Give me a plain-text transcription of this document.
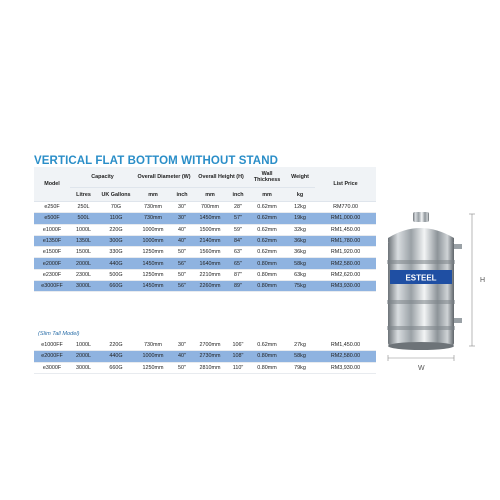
VERTICAL FLAT BOTTOM WITHOUT STAND
Model	Capacity		Overall Diameter (W)		Overall Height (H)		Wall Thickness	Weight	List Price
	Litres	UK Gallons	mm	inch	mm	inch	mm	kg	
e250F	250L	70G	730mm	30"	700mm	28"	0.62mm	12kg	RM770.00
e500F	500L	110G	730mm	30"	1450mm	57"	0.62mm	19kg	RM1,000.00
e1000F	1000L	220G	1000mm	40"	1500mm	59"	0.62mm	32kg	RM1,450.00
e1350F	1350L	300G	1000mm	40"	2140mm	84"	0.62mm	36kg	RM1,780.00
e1500F	1500L	330G	1250mm	50"	1560mm	63"	0.62mm	36kg	RM1,920.00
e2000F	2000L	440G	1450mm	56"	1640mm	65"	0.80mm	58kg	RM2,580.00
e2300F	2300L	500G	1250mm	50"	2210mm	87"	0.80mm	63kg	RM2,620.00
e3000FF	3000L	660G	1450mm	56"	2260mm	89"	0.80mm	75kg	RM3,930.00
(Slim Tall Model)
e1000FF	1000L	220G	730mm	30"	2700mm	106"	0.62mm	27kg	RM1,450.00
e2000FF	2000L	440G	1000mm	40"	2730mm	108"	0.80mm	58kg	RM2,580.00
e3000F	3000L	660G	1250mm	50"	2810mm	110"	0.80mm	79kg	RM3,930.00
ESTEEL	H
W
